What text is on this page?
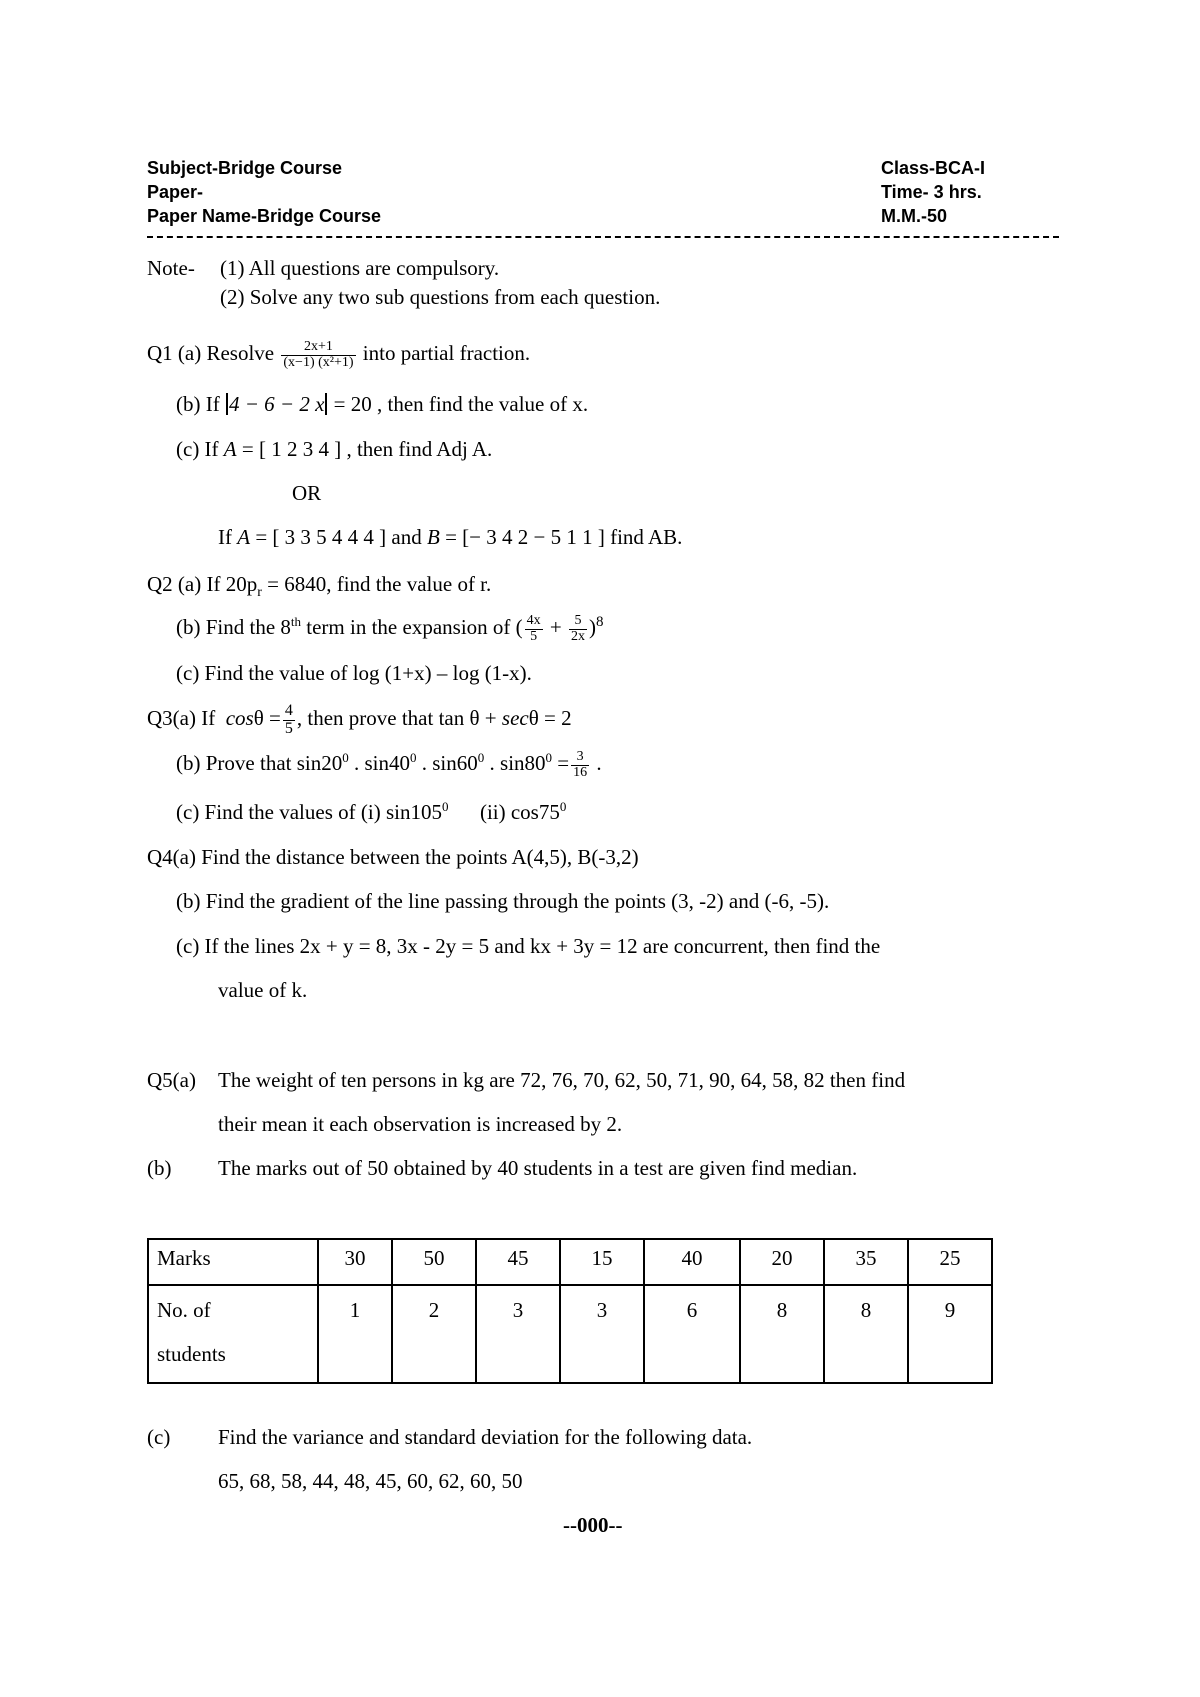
Subject-Bridge Course
Paper-
Paper Name-Bridge Course
Class-BCA-I
Time- 3 hrs.
M.M.-50
Note- (1) All questions are compulsory.
(2) Solve any two sub questions from each question.
Q1 (a) Resolve $\frac{2x+1}{\text{(x−1) (x²+1)}}$ into partial fraction.
(b) If 4 − 6 − 2 x = 20 , then find the value of x.
(c) If A = [ 1 2 3 4 ] , then find Adj A.
OR
If A = [ 3 3 5 4 4 4 ] and B = [− 3 4 2 − 5 1 1 ] find AB.
Q2 (a) If $20p_r = 6840$, find the value of r.
(b) Find the 8th term in the expansion of ( $\frac{4x}{5} + \frac{5}{2x} )^8$
(c) Find the value of log (1+x) – log (1-x).
Q3(a) If $\cos\theta = \frac{4}{5}$ , then prove that tan θ + secθ = 2
(b) Prove that $\sin 20^0$ . $\sin 40^0$ . $\sin 60^0$ . $\sin 80^0 = \frac{3}{16}$ .
(c) Find the values of (i) $\sin 105^0$      (ii) $\cos 75^0$
Q4(a) Find the distance between the points A(4,5), B(-3,2)
(b) Find the gradient of the line passing through the points (3, -2) and (-6, -5).
(c) If the lines 2x + y = 8, 3x - 2y = 5 and kx + 3y = 12 are concurrent, then find the
value of k.
Q5(a) The weight of ten persons in kg are 72, 76, 70, 62, 50, 71, 90, 64, 58, 82 then find
their mean it each observation is increased by 2.
(b) The marks out of 50 obtained by 40 students in a test are given find median.
Marks	30	50	45	15	40	20	35	25
No. of
students	1	2	3	3	6	8	8	9
(c) Find the variance and standard deviation for the following data.
65, 68, 58, 44, 48, 45, 60, 62, 60, 50
--000--
